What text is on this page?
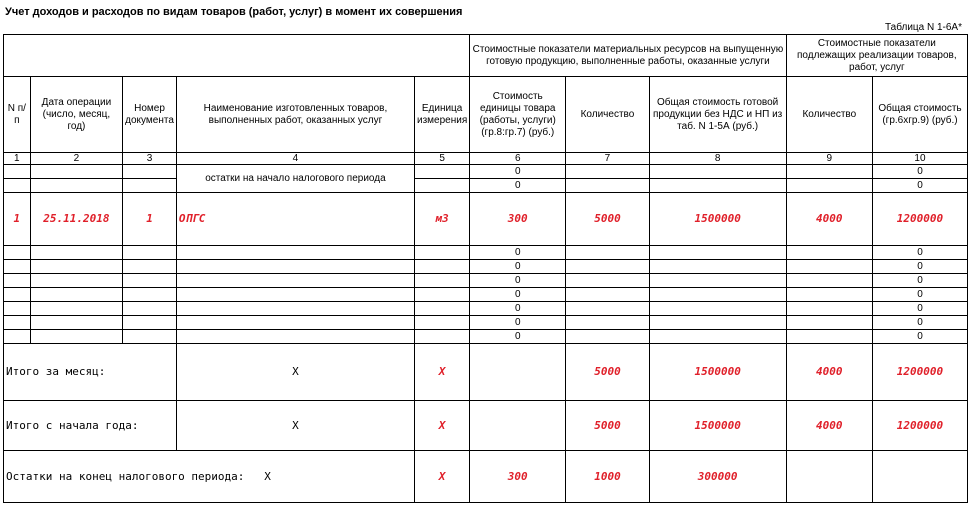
Учет доходов и расходов по видам товаров (работ, услуг) в момент их совершения
Таблица N 1-6А*
					Стоимостные показатели материальных ресурсов на выпущенную готовую продукцию, выполненные работы, оказанные услуги			Стоимостные показатели подлежащих реализации товаров, работ, услуг	
N п/п	Дата операции (число, месяц, год)	Номер документа	Наименование изготовленных товаров, выполненных работ, оказанных услуг	Единица измерения	Стоимость единицы товара (работы, услуги) (гр.8:гр.7) (руб.)	Количество	Общая стоимость готовой продукции без НДС и НП из таб. N 1-5А (руб.)	Количество	Общая стоимость (гр.6хгр.9) (руб.)
1	2	3	4	5	6	7	8	9	10
			остатки на начало налогового периода		0				0
					0				0
1	25.11.2018	1	ОПГС	м3	300	5000	1500000	4000	1200000
					0				0
					0				0
					0				0
					0				0
					0				0
					0				0
					0				0
Итого за месяц:			Х	Х		5000	1500000	4000	1200000
Итого с начала года:			Х	Х		5000	1500000	4000	1200000
Остатки на конец налогового периода: Х				Х	300	1000	300000		
